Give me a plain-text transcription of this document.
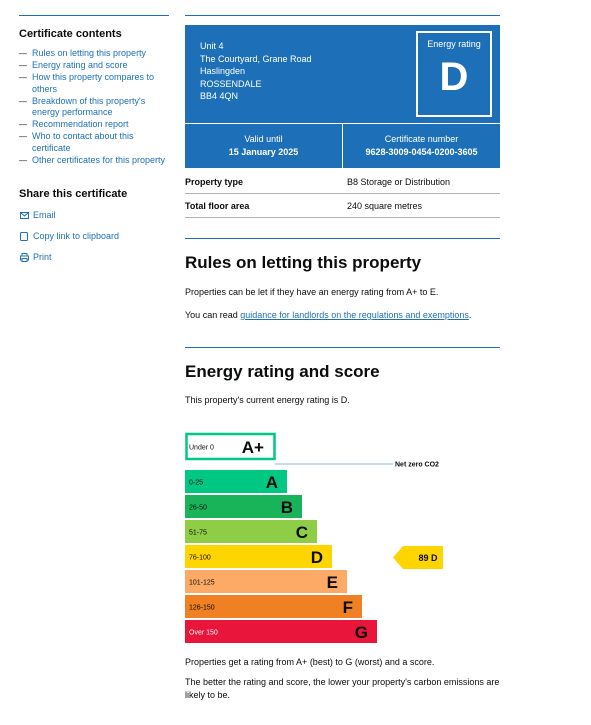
Certificate contents
— Rules on letting this property
— Energy rating and score
— How this property compares to others
— Breakdown of this property's energy performance
— Recommendation report
— Who to contact about this certificate
— Other certificates for this property
Share this certificate
Email
Copy link to clipboard
Print
Unit 4
The Courtyard, Grane Road
Haslingden
ROSSENDALE
BB4 4QN
Energy rating
D
Valid until
15 January 2025
Certificate number
9628-3009-0454-0200-3605
Property type	B8 Storage or Distribution
Total floor area	240 square metres
Rules on letting this property

Properties can be let if they have an energy rating from A+ to E.

You can read guidance for landlords on the regulations and exemptions.

Energy rating and score

This property's current energy rating is D.

Under 0 A+
0-25	A
26-50	B
51-75	C
76-100	D
101-125	E
126-150	F
Over 150	G
Net zero CO2
89 D

Properties get a rating from A+ (best) to G (worst) and a score.

The better the rating and score, the lower your property's carbon emissions are likely to be.
